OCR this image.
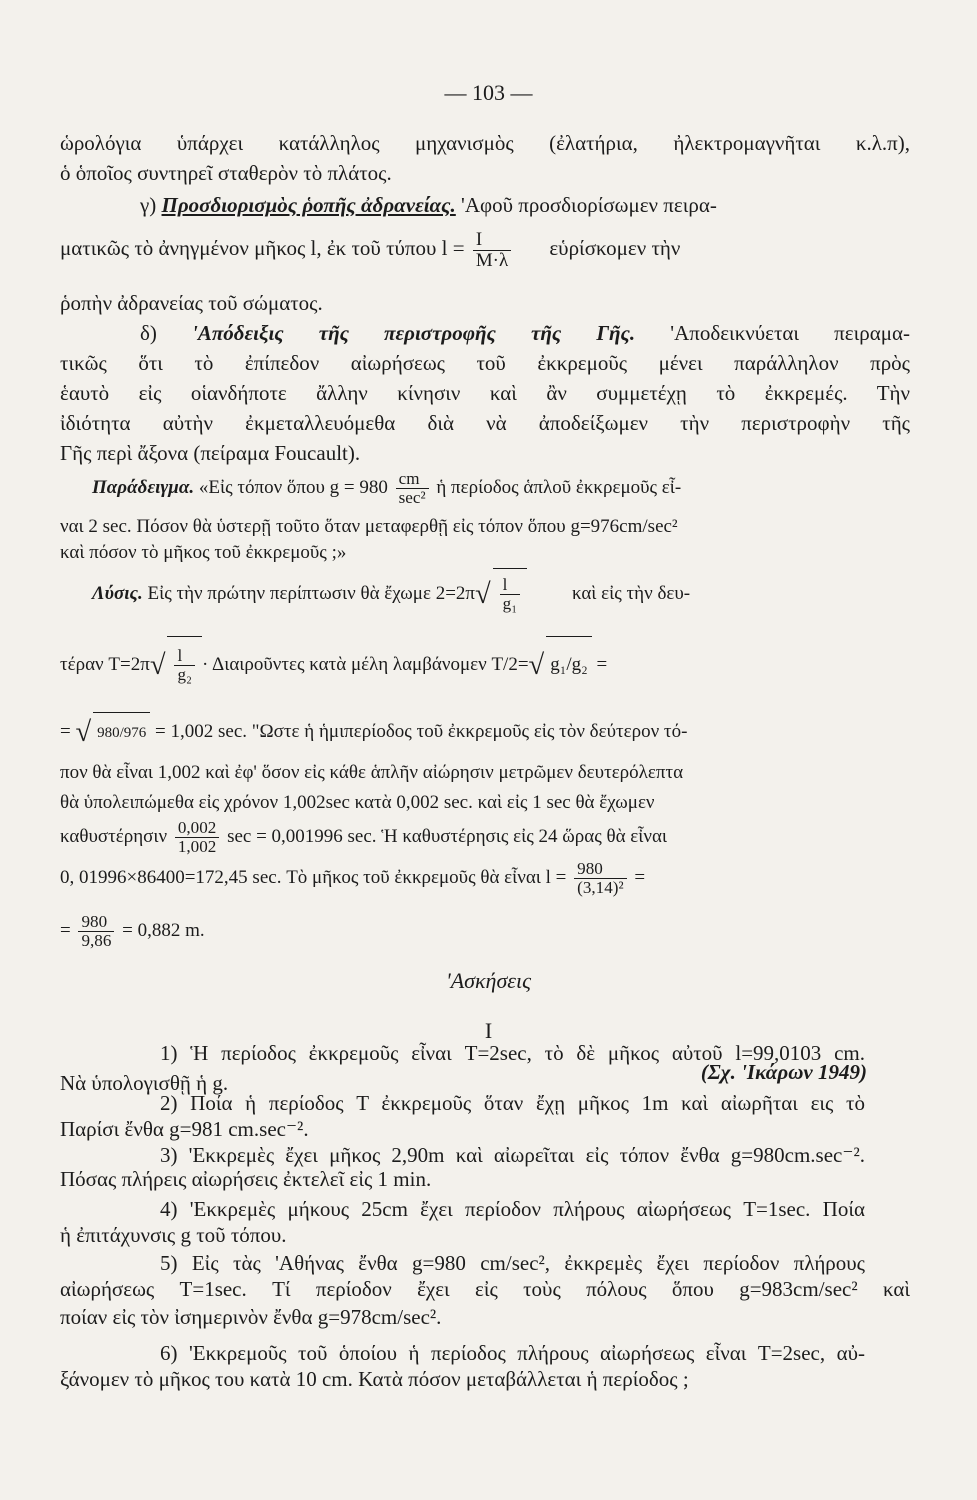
— 103 —
ὡρολόγια ὑπάρχει κατάλληλος μηχανισμὸς (ἐλατήρια, ἠλεκτρομαγνῆται κ.λ.π),
ὁ ὁποῖος συντηρεῖ σταθερὸν τὸ πλάτος.
γ) Προσδιορισμὸς ῥοπῆς ἀδρανείας. 'Αφοῦ προσδιορίσωμεν πειρα-
ματικῶς τὸ ἀνηγμένον μῆκος l, ἐκ τοῦ τύπου $l = \frac{I}{M\cdot\lambda}$ εὑρίσκομεν τὴν
ῥοπὴν ἀδρανείας τοῦ σώματος.
δ) 'Απόδειξις τῆς περιστροφῆς τῆς Γῆς. 'Αποδεικνύεται πειραμα-
τικῶς ὅτι τὸ ἐπίπεδον αἰωρήσεως τοῦ ἐκκρεμοῦς μένει παράλληλον πρὸς
ἑαυτὸ εἰς οἱανδήποτε ἄλλην κίνησιν καὶ ἂν συμμετέχῃ τὸ ἐκκρεμές. Τὴν
ἰδιότητα αὐτὴν ἐκμεταλλευόμεθα διὰ νὰ ἀποδείξωμεν τὴν περιστροφὴν τῆς
Γῆς περὶ ἄξονα (πείραμα Foucault).
Παράδειγμα. «Εἰς τόπον ὅπου $g = 980 \frac{cm}{\text{sec²}}$ ἡ περίοδος ἁπλοῦ ἐκκρεμοῦς εἶ-
ναι 2 sec. Πόσον θὰ ὑστερῇ τοῦτο ὅταν μεταφερθῇ εἰς τόπον ὅπου g=976cm/sec²
καὶ πόσον τὸ μῆκος τοῦ ἐκκρεμοῦς ;»
Λύσις. Εἰς τὴν πρώτην περίπτωσιν θὰ ἔχωμε $2=2\pi√ \frac{l}{\text{g₁}}$	καὶ εἰς τὴν δευ-
τέραν $T=2\pi√ \frac{l}{\text{g₂}}$ · Διαιροῦντες κατὰ μέλη λαμβάνομεν T/2=√ g₁/g₂ =
= √ 980/976 = 1,002 sec. "Ωστε ἡ ἡμιπερίοδος τοῦ ἐκκρεμοῦς εἰς τὸν δεύτερον τό-
πον θὰ εἶναι 1,002 καὶ ἐφ' ὅσον εἰς κάθε ἁπλῆν αἰώρησιν μετρῶμεν δευτερόλεπτα
θὰ ὑπολειπώμεθα εἰς χρόνον 1,002sec κατὰ 0,002 sec. καὶ εἰς 1 sec θὰ ἔχωμεν
καθυστέρησιν $\frac{0,002}{1,002}$ sec = 0,001996 sec. Ἡ καθυστέρησις εἰς 24 ὥρας θὰ εἶναι
0, 01996×86400=172,45 sec. Τὸ μῆκος τοῦ ἐκκρεμοῦς θὰ εἶναι $l = \frac{980}{\text{(3,14)²}}$ =
= $\frac{980}{9,86} = 0,882$ m.
'Ασκήσεις
I
1) Ἡ περίοδος ἐκκρεμοῦς εἶναι T=2sec, τὸ δὲ μῆκος αὐτοῦ l=99,0103 cm.
Νὰ ὑπολογισθῇ ἡ g.	(Σχ. 'Ικάρων 1949)
2) Ποία ἡ περίοδος T ἐκκρεμοῦς ὅταν ἔχῃ μῆκος 1m καὶ αἰωρῆται εις τὸ
Παρίσι ἔνθα g=981 cm.sec⁻².
3) 'Εκκρεμὲς ἔχει μῆκος 2,90m καὶ αἰωρεῖται εἰς τόπον ἔνθα g=980cm.sec⁻².
Πόσας πλήρεις αἰωρήσεις ἐκτελεῖ εἰς 1 min.
4) 'Εκκρεμὲς μήκους 25cm ἔχει περίοδον πλήρους αἰωρήσεως T=1sec. Ποία
ἡ ἐπιτάχυνσις g τοῦ τόπου.
5) Εἰς τὰς 'Αθήνας ἔνθα g=980 cm/sec², ἐκκρεμὲς ἔχει περίοδον πλήρους
αἰωρήσεως T=1sec. Τί περίοδον ἔχει εἰς τοὺς πόλους ὅπου g=983cm/sec² καὶ
ποίαν εἰς τὸν ἰσημερινὸν ἔνθα g=978cm/sec².
6) 'Εκκρεμοῦς τοῦ ὁποίου ἡ περίοδος πλήρους αἰωρήσεως εἶναι T=2sec, αὐ-
ξάνομεν τὸ μῆκος του κατὰ 10 cm. Κατὰ πόσον μεταβάλλεται ἡ περίοδος ;
